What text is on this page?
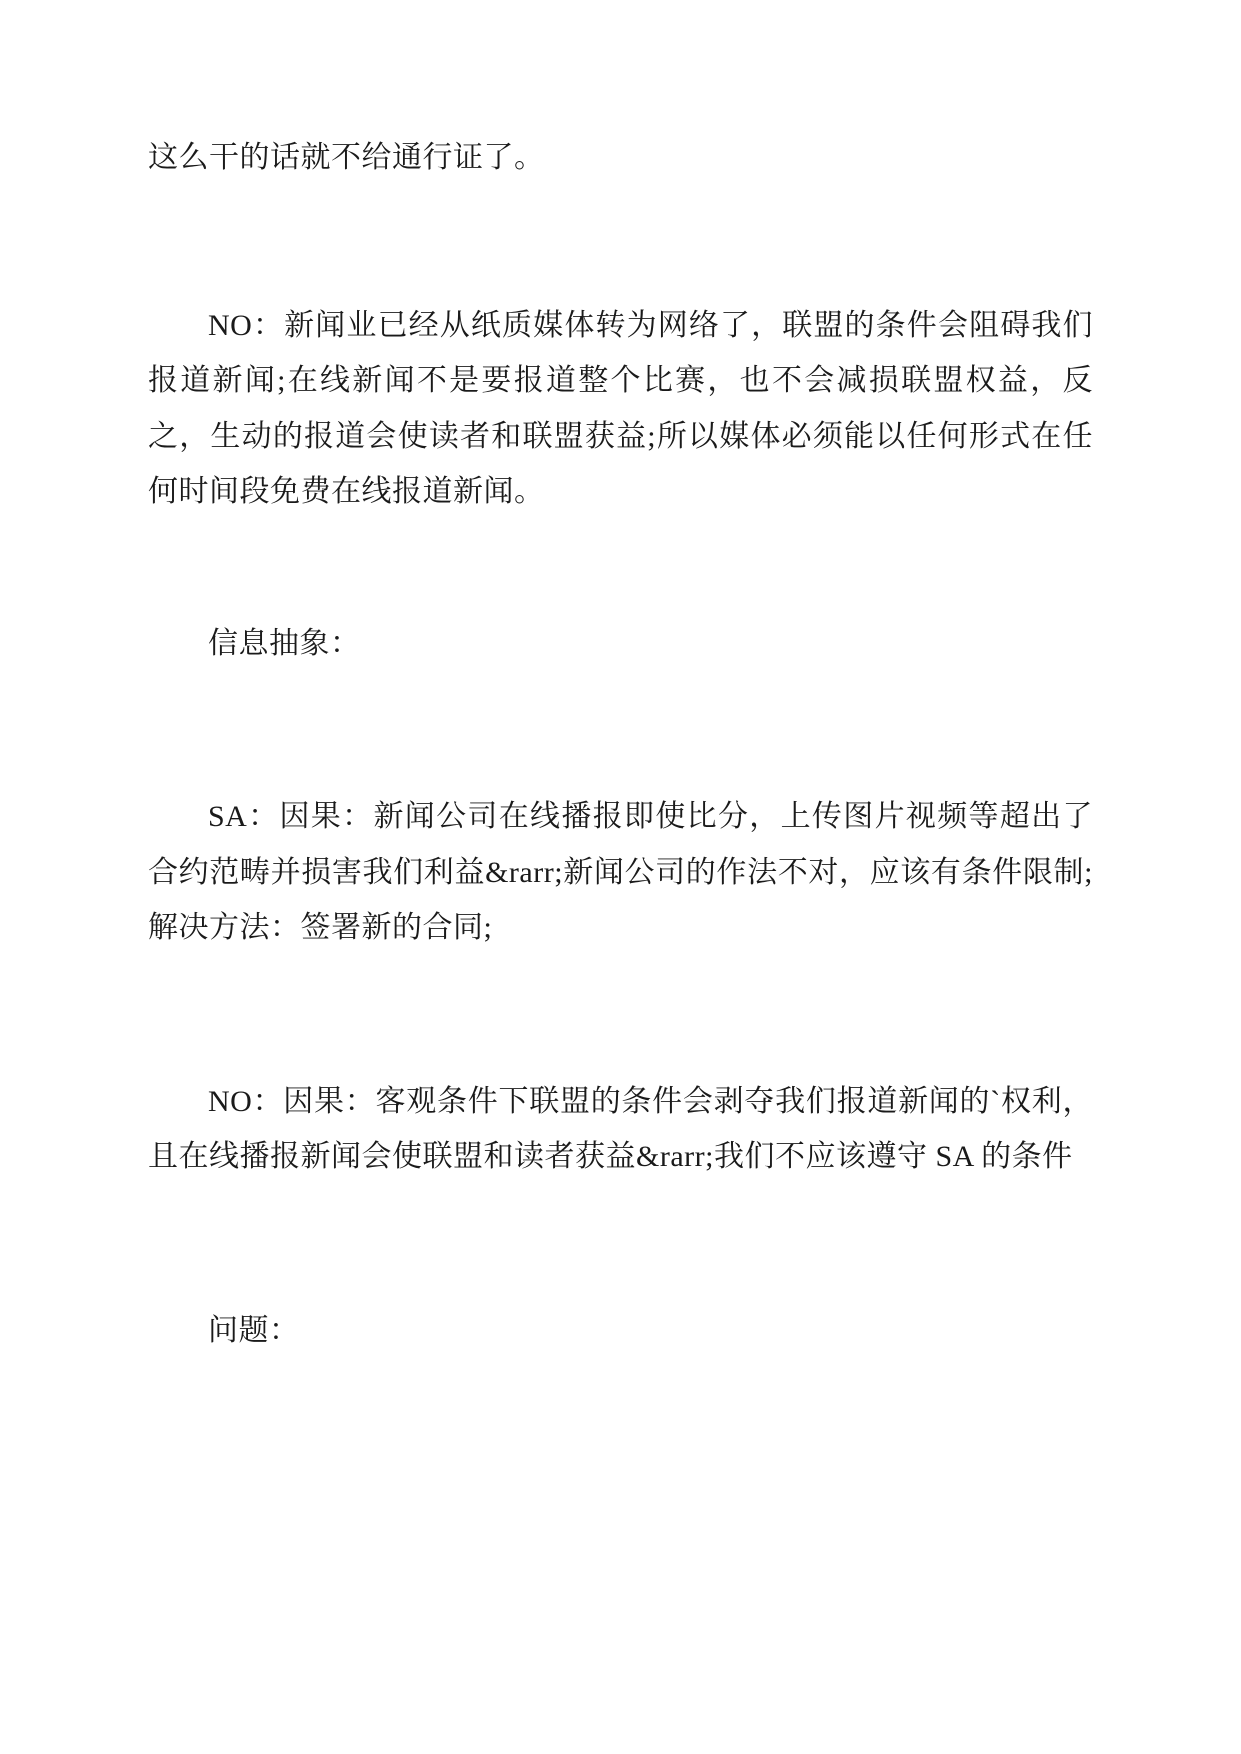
这么干的话就不给通行证了。

NO：新闻业已经从纸质媒体转为网络了，联盟的条件会阻碍我们报道新闻;在线新闻不是要报道整个比赛，也不会减损联盟权益，反之，生动的报道会使读者和联盟获益;所以媒体必须能以任何形式在任何时间段免费在线报道新闻。

信息抽象：

SA：因果：新闻公司在线播报即使比分，上传图片视频等超出了合约范畴并损害我们利益&rarr;新闻公司的作法不对，应该有条件限制;解决方法：签署新的合同;

NO：因果：客观条件下联盟的条件会剥夺我们报道新闻的`权利，且在线播报新闻会使联盟和读者获益&rarr;我们不应该遵守 SA 的条件

问题：
